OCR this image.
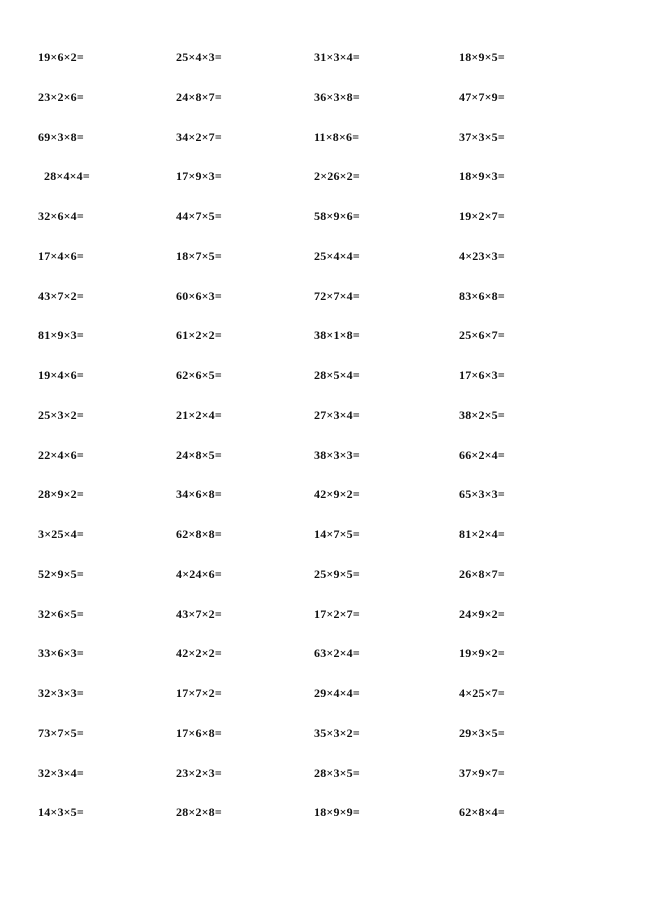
19×6×2=	25×4×3=	31×3×4=	18×9×5=
23×2×6=	24×8×7=	36×3×8=	47×7×9=
69×3×8=	34×2×7=	11×8×6=	37×3×5=
28×4×4=	17×9×3=	2×26×2=	18×9×3=
32×6×4=	44×7×5=	58×9×6=	19×2×7=
17×4×6=	18×7×5=	25×4×4=	4×23×3=
43×7×2=	60×6×3=	72×7×4=	83×6×8=
81×9×3=	61×2×2=	38×1×8=	25×6×7=
19×4×6=	62×6×5=	28×5×4=	17×6×3=
25×3×2=	21×2×4=	27×3×4=	38×2×5=
22×4×6=	24×8×5=	38×3×3=	66×2×4=
28×9×2=	34×6×8=	42×9×2=	65×3×3=
3×25×4=	62×8×8=	14×7×5=	81×2×4=
52×9×5=	4×24×6=	25×9×5=	26×8×7=
32×6×5=	43×7×2=	17×2×7=	24×9×2=
33×6×3=	42×2×2=	63×2×4=	19×9×2=
32×3×3=	17×7×2=	29×4×4=	4×25×7=
73×7×5=	17×6×8=	35×3×2=	29×3×5=
32×3×4=	23×2×3=	28×3×5=	37×9×7=
14×3×5=	28×2×8=	18×9×9=	62×8×4=
